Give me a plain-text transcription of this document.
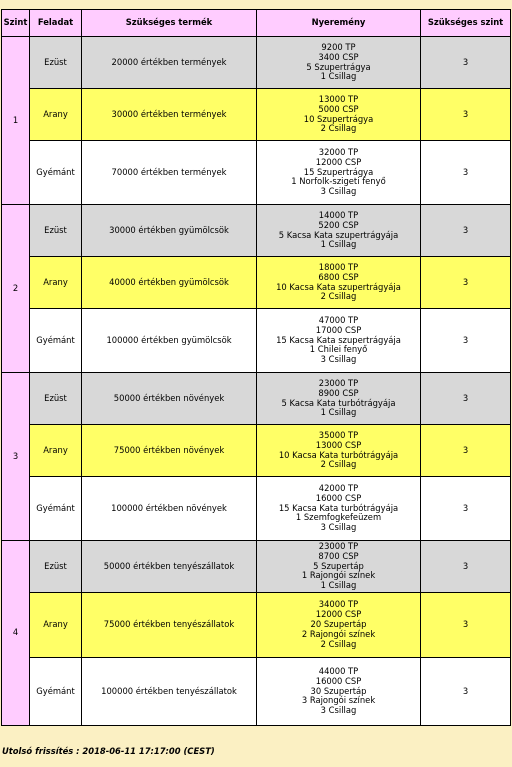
Szint	Feladat	Szükséges termék	Nyeremény	Szükséges szint
1	Ezüst	20000 értékben termények	9200 TP
3400 CSP
5 Szupertrágya
1 Csillag	3
	Arany	30000 értékben termények	13000 TP
5000 CSP
10 Szupertrágya
2 Csillag	3
	Gyémánt	70000 értékben termények	32000 TP
12000 CSP
15 Szupertrágya
1 Norfolk-szigeti fenyő
3 Csillag	3
2	Ezüst	30000 értékben gyümölcsök	14000 TP
5200 CSP
5 Kacsa Kata szupertrágyája
1 Csillag	3
	Arany	40000 értékben gyümölcsök	18000 TP
6800 CSP
10 Kacsa Kata szupertrágyája
2 Csillag	3
	Gyémánt	100000 értékben gyümölcsök	47000 TP
17000 CSP
15 Kacsa Kata szupertrágyája
1 Chilei fenyő
3 Csillag	3
3	Ezüst	50000 értékben növények	23000 TP
8900 CSP
5 Kacsa Kata turbótrágyája
1 Csillag	3
	Arany	75000 értékben növények	35000 TP
13000 CSP
10 Kacsa Kata turbótrágyája
2 Csillag	3
	Gyémánt	100000 értékben növények	42000 TP
16000 CSP
15 Kacsa Kata turbótrágyája
1 Szemfogkefeüzem
3 Csillag	3
4	Ezüst	50000 értékben tenyészállatok	23000 TP
8700 CSP
5 Szupertáp
1 Rajongói színek
1 Csillag	3
	Arany	75000 értékben tenyészállatok	34000 TP
12000 CSP
20 Szupertáp
2 Rajongói színek
2 Csillag	3
	Gyémánt	100000 értékben tenyészállatok	44000 TP
16000 CSP
30 Szupertáp
3 Rajongói színek
3 Csillag	3
Utolsó frissítés : 2018-06-11 17:17:00 (CEST)
